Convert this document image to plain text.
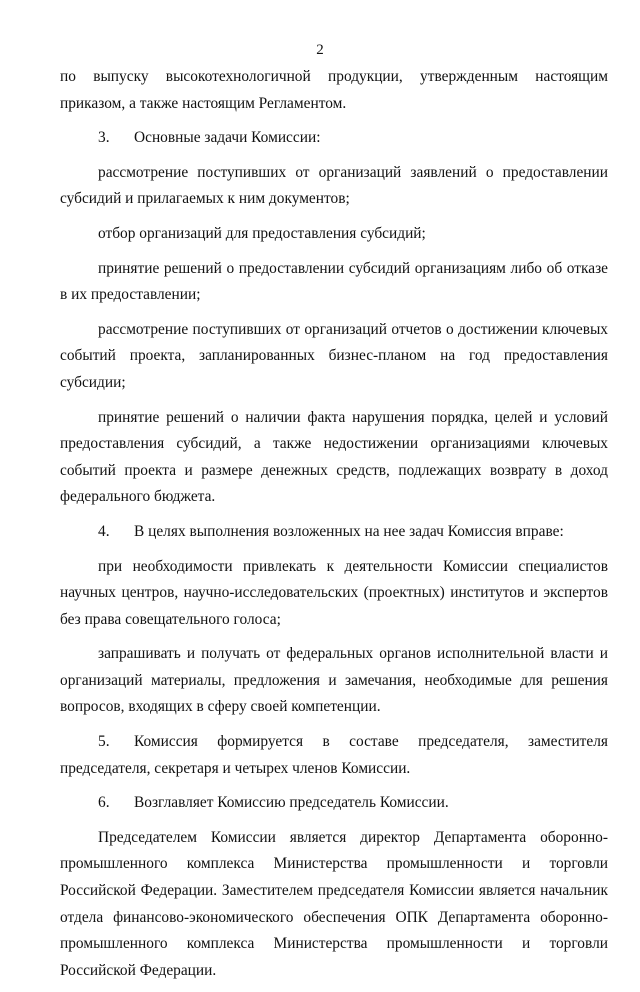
2

по выпуску высокотехнологичной продукции, утвержденным настоящим приказом, а также настоящим Регламентом.

3. Основные задачи Комиссии:

рассмотрение поступивших от организаций заявлений о предоставлении субсидий и прилагаемых к ним документов;

отбор организаций для предоставления субсидий;

принятие решений о предоставлении субсидий организациям либо об отказе в их предоставлении;

рассмотрение поступивших от организаций отчетов о достижении ключевых событий проекта, запланированных бизнес-планом на год предоставления субсидии;

принятие решений о наличии факта нарушения порядка, целей и условий предоставления субсидий, а также недостижении организациями ключевых событий проекта и размере денежных средств, подлежащих возврату в доход федерального бюджета.

4. В целях выполнения возложенных на нее задач Комиссия вправе:

при необходимости привлекать к деятельности Комиссии специалистов научных центров, научно-исследовательских (проектных) институтов и экспертов без права совещательного голоса;

запрашивать и получать от федеральных органов исполнительной власти и организаций материалы, предложения и замечания, необходимые для решения вопросов, входящих в сферу своей компетенции.

5. Комиссия формируется в составе председателя, заместителя председателя, секретаря и четырех членов Комиссии.

6. Возглавляет Комиссию председатель Комиссии.

Председателем Комиссии является директор Департамента оборонно-промышленного комплекса Министерства промышленности и торговли Российской Федерации. Заместителем председателя Комиссии является начальник отдела финансово-экономического обеспечения ОПК Департамента оборонно-промышленного комплекса Министерства промышленности и торговли Российской Федерации.
